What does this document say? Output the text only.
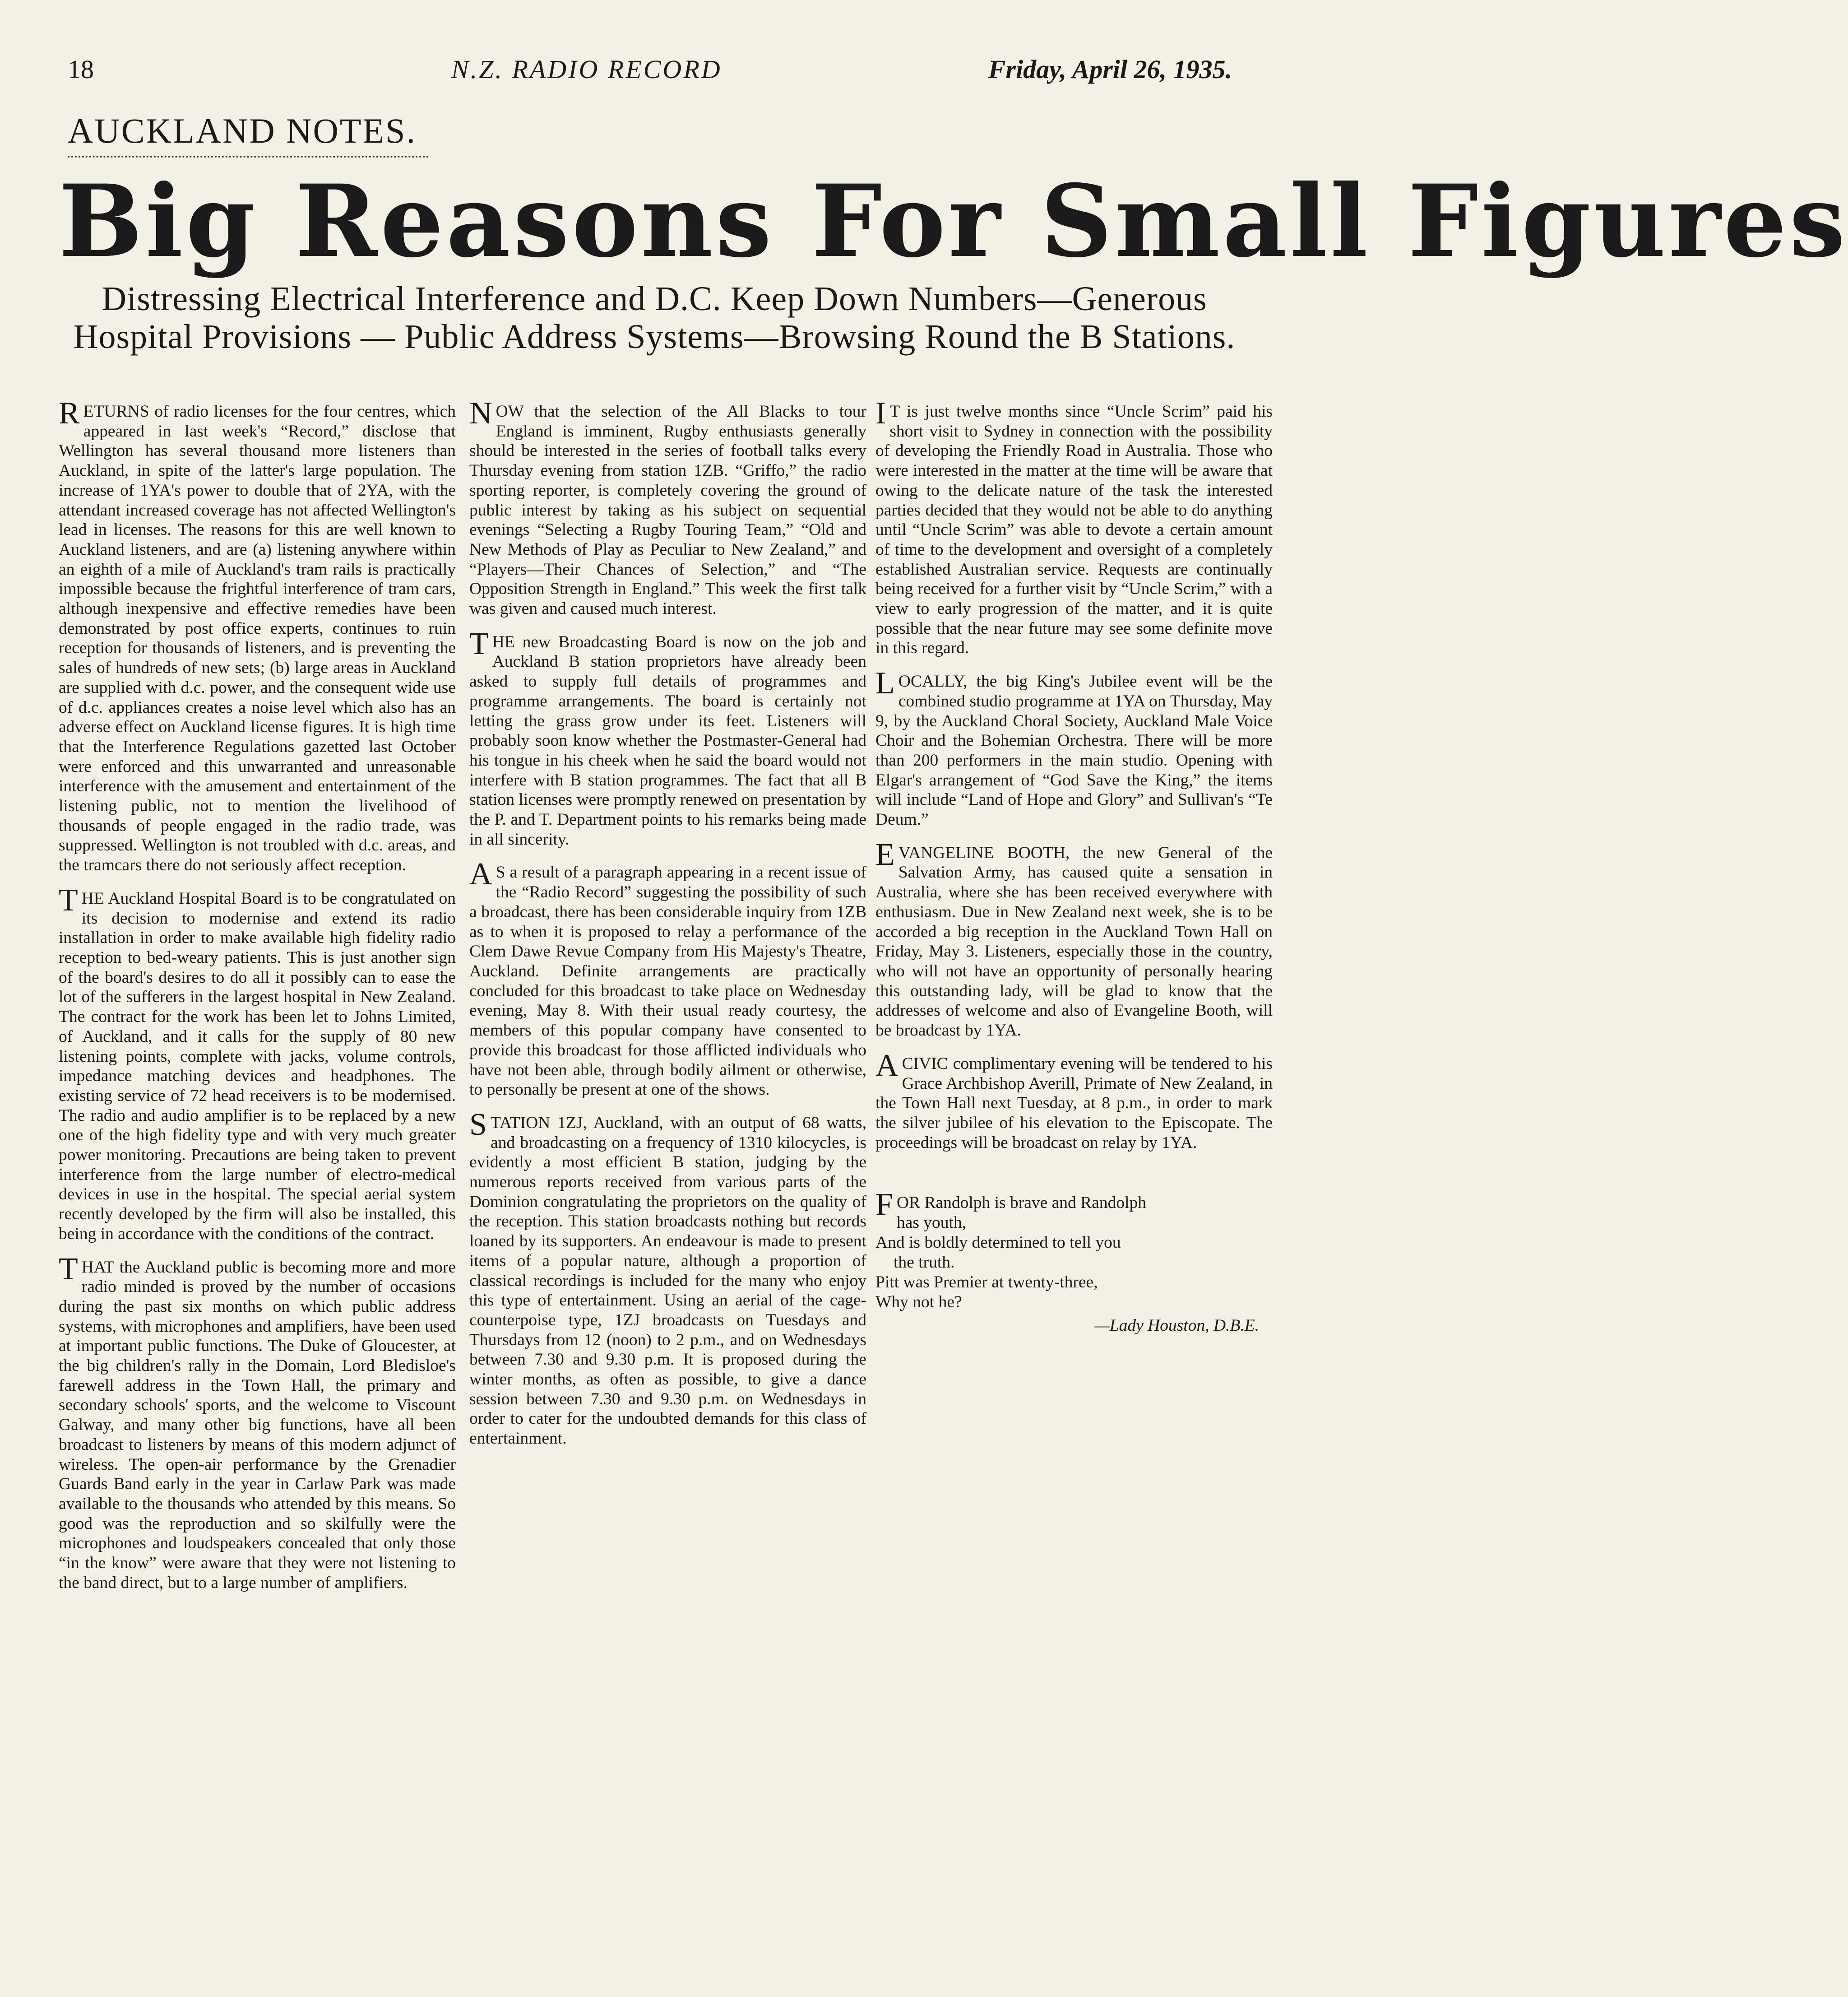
18	N.Z. RADIO RECORD	Friday, April 26, 1935.
AUCKLAND NOTES.
Big Reasons For Small Figures
Distressing Electrical Interference and D.C. Keep Down Numbers—Generous Hospital Provisions — Public Address Systems—Browsing Round the B Stations.

RETURNS of radio licenses for the four centres, which appeared in last week's “Record,” disclose that Wellington has several thousand more listeners than Auckland, in spite of the latter's large population. The increase of 1YA's power to double that of 2YA, with the attendant increased coverage has not affected Wellington's lead in licenses. The reasons for this are well known to Auckland listeners, and are (a) listening anywhere within an eighth of a mile of Auckland's tram rails is practically impossible because the frightful interference of tram cars, although inexpensive and effective remedies have been demonstrated by post office experts, continues to ruin reception for thousands of listeners, and is preventing the sales of hundreds of new sets; (b) large areas in Auckland are supplied with d.c. power, and the consequent wide use of d.c. appliances creates a noise level which also has an adverse effect on Auckland license figures. It is high time that the Interference Regulations gazetted last October were enforced and this unwarranted and unreasonable interference with the amusement and entertainment of the listening public, not to mention the livelihood of thousands of people engaged in the radio trade, was suppressed. Wellington is not troubled with d.c. areas, and the tramcars there do not seriously affect reception.

THE Auckland Hospital Board is to be congratulated on its decision to modernise and extend its radio installation in order to make available high fidelity radio reception to bed-weary patients. This is just another sign of the board's desires to do all it possibly can to ease the lot of the sufferers in the largest hospital in New Zealand. The contract for the work has been let to Johns Limited, of Auckland, and it calls for the supply of 80 new listening points, complete with jacks, volume controls, impedance matching devices and headphones. The existing service of 72 head receivers is to be modernised. The radio and audio amplifier is to be replaced by a new one of the high fidelity type and with very much greater power monitoring. Precautions are being taken to prevent interference from the large number of electro-medical devices in use in the hospital. The special aerial system recently developed by the firm will also be installed, this being in accordance with the conditions of the contract.

THAT the Auckland public is becoming more and more radio minded is proved by the number of occasions during the past six months on which public address systems, with microphones and amplifiers, have been used at important public functions. The Duke of Gloucester, at the big children's rally in the Domain, Lord Bledisloe's farewell address in the Town Hall, the primary and secondary schools' sports, and the welcome to Viscount Galway, and many other big functions, have all been broadcast to listeners by means of this modern adjunct of wireless. The open-air performance by the Grenadier Guards Band early in the year in Carlaw Park was made available to the thousands who attended by this means. So good was the reproduction and so skilfully were the microphones and loudspeakers concealed that only those “in the know” were aware that they were not listening to the band direct, but to a large number of amplifiers.

NOW that the selection of the All Blacks to tour England is imminent, Rugby enthusiasts generally should be interested in the series of football talks every Thursday evening from station 1ZB. “Griffo,” the radio sporting reporter, is completely covering the ground of public interest by taking as his subject on sequential evenings “Selecting a Rugby Touring Team,” “Old and New Methods of Play as Peculiar to New Zealand,” and “Players—Their Chances of Selection,” and “The Opposition Strength in England.” This week the first talk was given and caused much interest.

THE new Broadcasting Board is now on the job and Auckland B station proprietors have already been asked to supply full details of programmes and programme arrangements. The board is certainly not letting the grass grow under its feet. Listeners will probably soon know whether the Postmaster-General had his tongue in his cheek when he said the board would not interfere with B station programmes. The fact that all B station licenses were promptly renewed on presentation by the P. and T. Department points to his remarks being made in all sincerity.

A S a result of a paragraph appearing in a recent issue of the “Radio Record” suggesting the possibility of such a broadcast, there has been considerable inquiry from 1ZB as to when it is proposed to relay a performance of the Clem Dawe Revue Company from His Majesty's Theatre, Auckland. Definite arrangements are practically concluded for this broadcast to take place on Wednesday evening, May 8. With their usual ready courtesy, the members of this popular company have consented to provide this broadcast for those afflicted individuals who have not been able, through bodily ailment or otherwise, to personally be present at one of the shows.

STATION 1ZJ, Auckland, with an output of 68 watts, and broadcasting on a frequency of 1310 kilocycles, is evidently a most efficient B station, judging by the numerous reports received from various parts of the Dominion congratulating the proprietors on the quality of the reception. This station broadcasts nothing but records loaned by its supporters. An endeavour is made to present items of a popular nature, although a proportion of classical recordings is included for the many who enjoy this type of entertainment. Using an aerial of the cage-counterpoise type, 1ZJ broadcasts on Tuesdays and Thursdays from 12 (noon) to 2 p.m., and on Wednesdays between 7.30 and 9.30 p.m. It is proposed during the winter months, as often as possible, to give a dance session between 7.30 and 9.30 p.m. on Wednesdays in order to cater for the undoubted demands for this class of entertainment.

I T is just twelve months since “Uncle Scrim” paid his short visit to Sydney in connection with the possibility of developing the Friendly Road in Australia. Those who were interested in the matter at the time will be aware that owing to the delicate nature of the task the interested parties decided that they would not be able to do anything until “Uncle Scrim” was able to devote a certain amount of time to the development and oversight of a completely established Australian service. Requests are continually being received for a further visit by “Uncle Scrim,” with a view to early progression of the matter, and it is quite possible that the near future may see some definite move in this regard.

LOCALLY, the big King's Jubilee event will be the combined studio programme at 1YA on Thursday, May 9, by the Auckland Choral Society, Auckland Male Voice Choir and the Bohemian Orchestra. There will be more than 200 performers in the main studio. Opening with Elgar's arrangement of “God Save the King,” the items will include “Land of Hope and Glory” and Sullivan's “Te Deum.”

EVANGELINE BOOTH, the new General of the Salvation Army, has caused quite a sensation in Australia, where she has been received everywhere with enthusiasm. Due in New Zealand next week, she is to be accorded a big reception in the Auckland Town Hall on Friday, May 3. Listeners, especially those in the country, who will not have an opportunity of personally hearing this outstanding lady, will be glad to know that the addresses of welcome and also of Evangeline Booth, will be broadcast by 1YA.

A CIVIC complimentary evening will be tendered to his Grace Archbishop Averill, Primate of New Zealand, in the Town Hall next Tuesday, at 8 p.m., in order to mark the silver jubilee of his elevation to the Episcopate. The proceedings will be broadcast on relay by 1YA.

FOR Randolph is brave and Randolph
has youth,
And is boldly determined to tell you
the truth.
Pitt was Premier at twenty-three,
Why not he?
—Lady Houston, D.B.E.
